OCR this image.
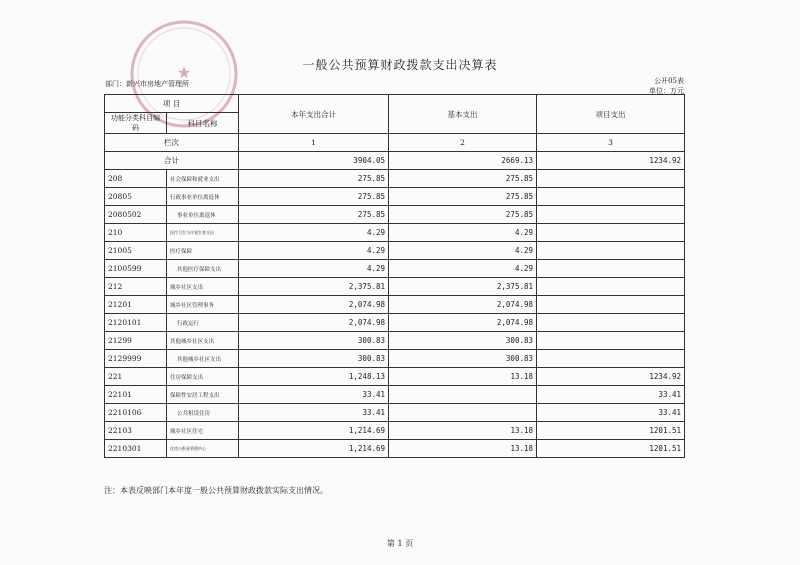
★	一般公共预算财政拨款支出决算表
部门：新兴市房地产管理所	公开05表
单位：万元
项 目		本年支出合计	基本支出	项目支出
功能分类科目编码	科目名称			

栏次		1	2	3
合计		3904.05	2669.13	1234.92
208	社会保障和就业支出	275.85	275.85	
20805	行政事业单位离退休	275.85	275.85	
2080502	事业单位离退休	275.85	275.85	
210	医疗卫生与计划生育支出	4.29	4.29	
21005	医疗保障	4.29	4.29	
2100599	其他医疗保障支出	4.29	4.29	
212	城乡社区支出	2,375.81	2,375.81	
21201	城乡社区管理事务	2,074.98	2,074.98	
2120101	行政运行	2,074.98	2,074.98	
21299	其他城乡社区支出	300.83	300.83	
2129999	其他城乡社区支出	300.83	300.83	
221	住房保障支出	1,248.13	13.18	1234.92
22101	保障性安居工程支出	33.41		33.41
2210106	公共租赁住房	33.41		33.41
22103	城乡社区住宅	1,214.69	13.18	1201.51
2210301	住房公积金管理中心	1,214.69	13.18	1201.51
注：本表反映部门本年度一般公共预算财政拨款实际支出情况。
第 1 页
